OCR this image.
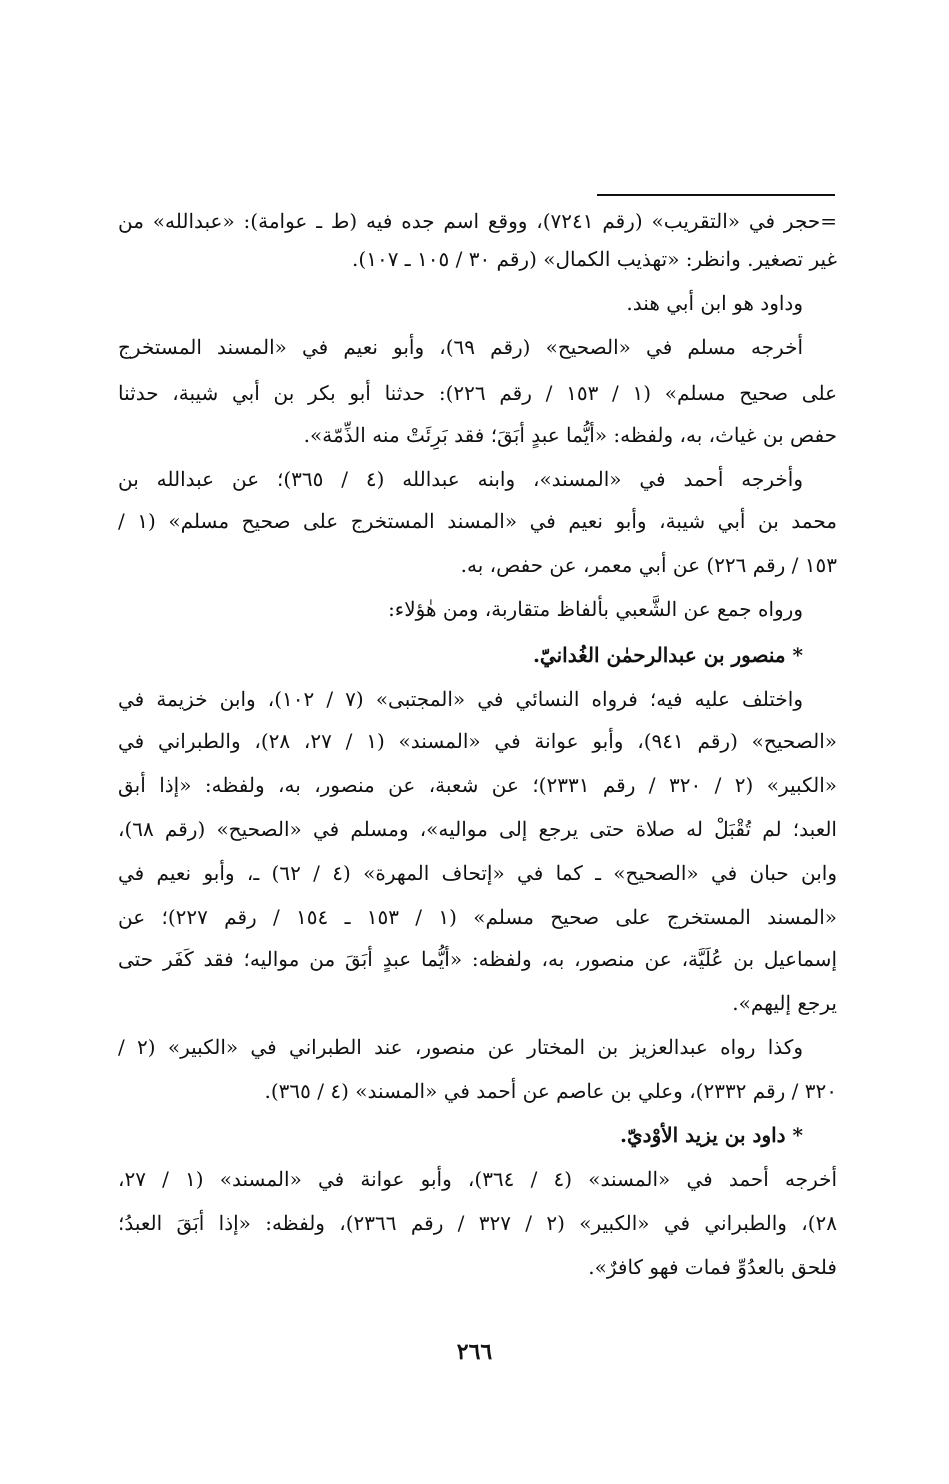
=حجر في «التقريب» (رقم ٧٢٤١)، ووقع اسم جده فيه (ط ـ عوامة): «عبدالله» من
غير تصغير. وانظر: «تهذيب الكمال» (رقم ٣٠ / ١٠٥ ـ ١٠٧).
وداود هو ابن أبي هند.
أخرجه مسلم في «الصحيح» (رقم ٦٩)، وأبو نعيم في «المسند المستخرج
على صحيح مسلم» (١ / ١٥٣ / رقم ٢٢٦): حدثنا أبو بكر بن أبي شيبة، حدثنا
حفص بن غياث، به، ولفظه: «أيُّما عبدٍ أبَقَ؛ فقد بَرِئَتْ منه الذِّمّة».
وأخرجه أحمد في «المسند»، وابنه عبدالله (٤ / ٣٦٥)؛ عن عبدالله بن
محمد بن أبي شيبة، وأبو نعيم في «المسند المستخرج على صحيح مسلم» (١ /
١٥٣ / رقم ٢٢٦) عن أبي معمر، عن حفص، به.
ورواه جمع عن الشَّعبي بألفاظ متقاربة، ومن هٰؤلاء:
* منصور بن عبدالرحمٰن الغُدانيّ.
واختلف عليه فيه؛ فرواه النسائي في «المجتبى» (٧ / ١٠٢)، وابن خزيمة في
«الصحيح» (رقم ٩٤١)، وأبو عوانة في «المسند» (١ / ٢٧، ٢٨)، والطبراني في
«الكبير» (٢ / ٣٢٠ / رقم ٢٣٣١)؛ عن شعبة، عن منصور، به، ولفظه: «إذا أبق
العبد؛ لم تُقْبَلْ له صلاة حتى يرجع إلى مواليه»، ومسلم في «الصحيح» (رقم ٦٨)،
وابن حبان في «الصحيح» ـ كما في «إتحاف المهرة» (٤ / ٦٢) ـ، وأبو نعيم في
«المسند المستخرج على صحيح مسلم» (١ / ١٥٣ ـ ١٥٤ / رقم ٢٢٧)؛ عن
إسماعيل بن عُلَيَّة، عن منصور، به، ولفظه: «أيُّما عبدٍ أبَقَ من مواليه؛ فقد كَفَر حتى
يرجع إليهم».
وكذا رواه عبدالعزيز بن المختار عن منصور، عند الطبراني في «الكبير» (٢ /
٣٢٠ / رقم ٢٣٣٢)، وعلي بن عاصم عن أحمد في «المسند» (٤ / ٣٦٥).
* داود بن يزيد الأوْديّ.
أخرجه أحمد في «المسند» (٤ / ٣٦٤)، وأبو عوانة في «المسند» (١ / ٢٧،
٢٨)، والطبراني في «الكبير» (٢ / ٣٢٧ / رقم ٢٣٦٦)، ولفظه: «إذا أبَقَ العبدُ؛
فلحق بالعدُوِّ فمات فهو كافرٌ».
٢٦٦
